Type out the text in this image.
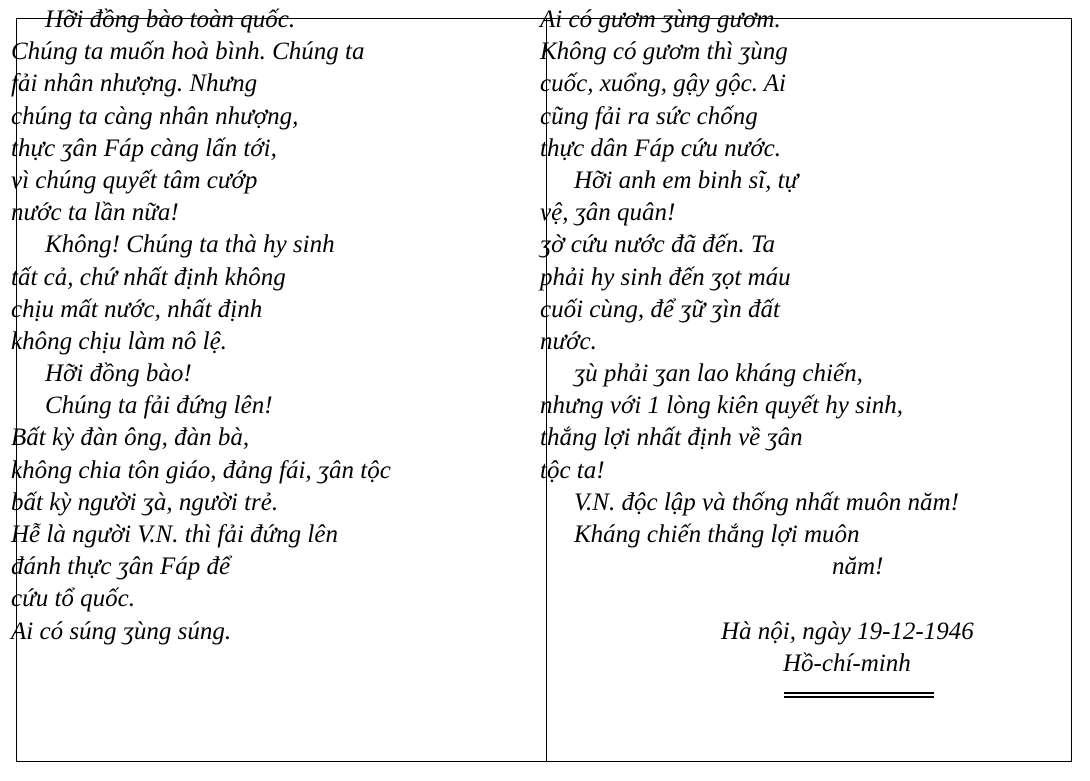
Hỡi đồng bào toàn quốc.
Chúng ta muốn hoà bình. Chúng ta
fải nhân nhượng. Nhưng
chúng ta càng nhân nhượng,
thực ʒân Fáp càng lấn tới,
vì chúng quyết tâm cướp
nước ta lần nữa!
Không! Chúng ta thà hy sinh
tất cả, chứ nhất định không
chịu mất nước, nhất định
không chịu làm nô lệ.
Hỡi đồng bào!
Chúng ta fải đứng lên!
Bất kỳ đàn ông, đàn bà,
không chia tôn giáo, đảng fái, ʒân tộc
bất kỳ người ʒà, người trẻ.
Hễ là người V.N. thì fải đứng lên
đánh thực ʒân Fáp để
cứu tổ quốc.
Ai có súng ʒùng súng.
Ai có gươm ʒùng gươm.
Không có gươm thì ʒùng
cuốc, xuổng, gậy gộc. Ai
cũng fải ra sức chống
thực dân Fáp cứu nước.
Hỡi anh em binh sĩ, tự
vệ, ʒân quân!
ʒờ cứu nước đã đến. Ta
phải hy sinh đến ʒọt máu
cuối cùng, để ʒữ ʒìn đất
nước.
ʒù phải ʒan lao kháng chiến,
nhưng với 1 lòng kiên quyết hy sinh,
thắng lợi nhất định về ʒân
tộc ta!
V.N. độc lập và thống nhất muôn năm!
Kháng chiến thắng lợi muôn
năm!
Hà nội, ngày 19-12-1946
Hồ-chí-minh
